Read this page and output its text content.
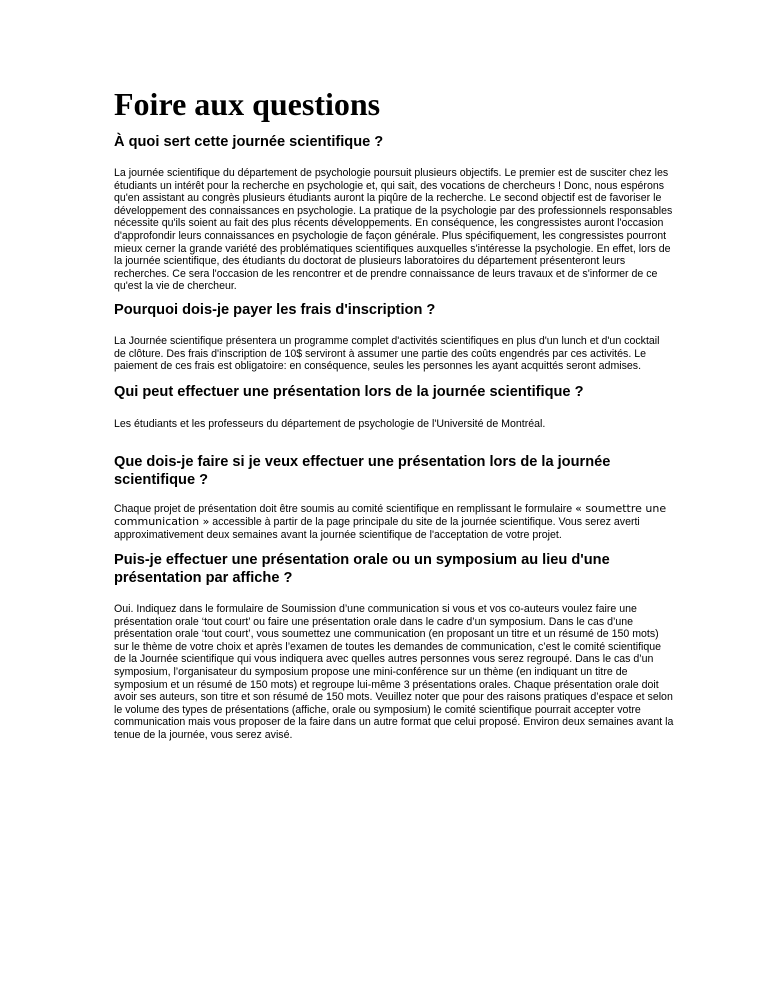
Foire aux questions
À quoi sert cette journée scientifique ?

La journée scientifique du département de psychologie poursuit plusieurs objectifs. Le premier est de susciter chez les étudiants un intérêt pour la recherche en psychologie et, qui sait, des vocations de chercheurs ! Donc, nous espérons qu'en assistant au congrès plusieurs étudiants auront la piqûre de la recherche. Le second objectif est de favoriser le développement des connaissances en psychologie. La pratique de la psychologie par des professionnels responsables nécessite qu'ils soient au fait des plus récents développements. En conséquence, les congressistes auront l'occasion d'approfondir leurs connaissances en psychologie de façon générale. Plus spécifiquement, les congressistes pourront mieux cerner la grande variété des problématiques scientifiques auxquelles s'intéresse la psychologie. En effet, lors de la journée scientifique, des étudiants du doctorat de plusieurs laboratoires du département présenteront leurs recherches. Ce sera l'occasion de les rencontrer et de prendre connaissance de leurs travaux et de s'informer de ce qu'est la vie de chercheur.

Pourquoi dois-je payer les frais d'inscription ?

La Journée scientifique présentera un programme complet d'activités scientifiques en plus d'un lunch et d'un cocktail de clôture. Des frais d'inscription de 10$ serviront à assumer une partie des coûts engendrés par ces activités. Le paiement de ces frais est obligatoire: en conséquence, seules les personnes les ayant acquittés seront admises.

Qui peut effectuer une présentation lors de la journée scientifique ?

Les étudiants et les professeurs du département de psychologie de l'Université de Montréal.

Que dois-je faire si je veux effectuer une présentation lors de la journée scientifique ?

Chaque projet de présentation doit être soumis au comité scientifique en remplissant le formulaire « soumettre une communication » accessible à partir de la page principale du site de la journée scientifique. Vous serez averti approximativement deux semaines avant la journée scientifique de l'acceptation de votre projet.

Puis-je effectuer une présentation orale ou un symposium au lieu d'une présentation par affiche ?

Oui. Indiquez dans le formulaire de Soumission d’une communication si vous et vos co-auteurs voulez faire une présentation orale ‘tout court’ ou faire une présentation orale dans le cadre d’un symposium. Dans le cas d’une présentation orale ‘tout court’, vous soumettez une communication (en proposant un titre et un résumé de 150 mots) sur le thème de votre choix et après l’examen de toutes les demandes de communication, c’est le comité scientifique de la Journée scientifique qui vous indiquera avec quelles autres personnes vous serez regroupé. Dans le cas d’un symposium, l’organisateur du symposium propose une mini-conférence sur un thème (en indiquant un titre de symposium et un résumé de 150 mots) et regroupe lui-même 3 présentations orales. Chaque présentation orale doit avoir ses auteurs, son titre et son résumé de 150 mots. Veuillez noter que pour des raisons pratiques d’espace et selon le volume des types de présentations (affiche, orale ou symposium) le comité scientifique pourrait accepter votre communication mais vous proposer de la faire dans un autre format que celui proposé. Environ deux semaines avant la tenue de la journée, vous serez avisé.
